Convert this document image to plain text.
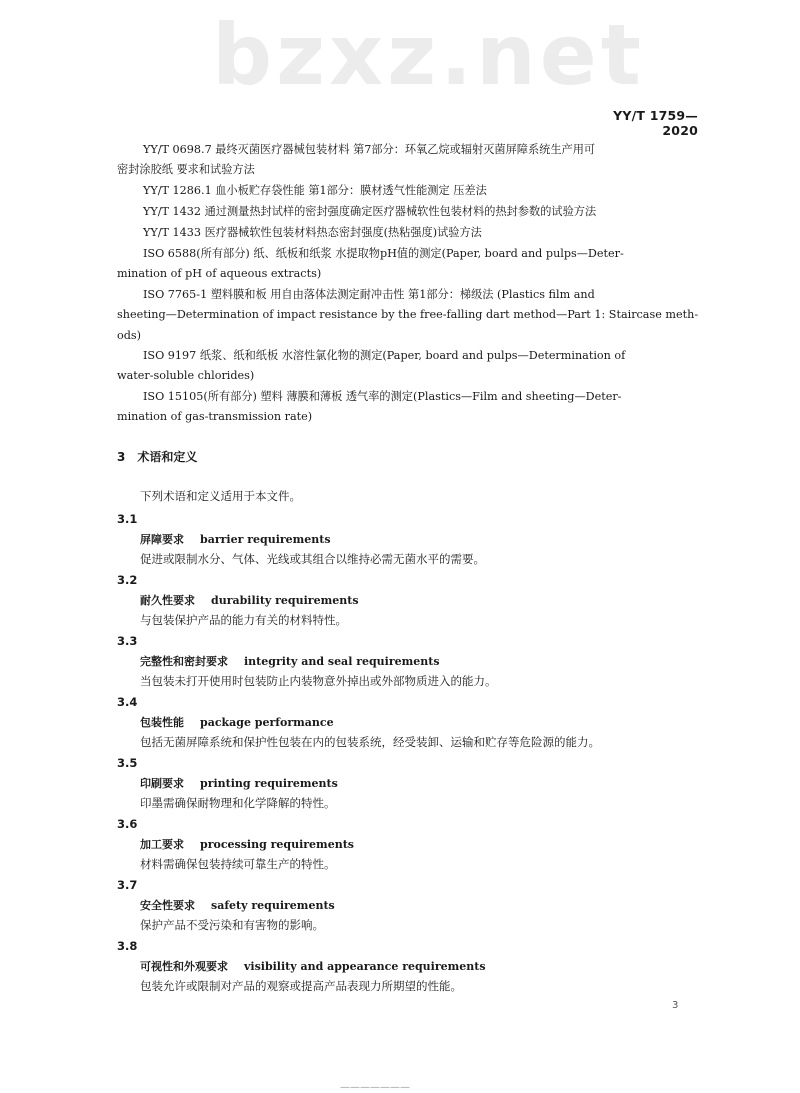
bzxz.net
YY/T 1759—2020
YY/T 0698.7 最终灭菌医疗器械包装材料 第7部分：环氧乙烷或辐射灭菌屏障系统生产用可
密封涂胶纸 要求和试验方法
YY/T 1286.1 血小板贮存袋性能 第1部分：膜材透气性能测定 压差法
YY/T 1432 通过测量热封试样的密封强度确定医疗器械软性包装材料的热封参数的试验方法
YY/T 1433 医疗器械软性包装材料热态密封强度(热粘强度)试验方法
ISO 6588(所有部分) 纸、纸板和纸浆 水提取物pH值的测定(Paper, board and pulps—Deter-
mination of pH of aqueous extracts)
ISO 7765-1 塑料膜和板 用自由落体法测定耐冲击性 第1部分：梯级法 (Plastics film and
sheeting—Determination of impact resistance by the free-falling dart method—Part 1: Staircase meth-
ods)
ISO 9197 纸浆、纸和纸板 水溶性氯化物的测定(Paper, board and pulps—Determination of
water-soluble chlorides)
ISO 15105(所有部分) 塑料 薄膜和薄板 透气率的测定(Plastics—Film and sheeting—Deter-
mination of gas-transmission rate)
3 术语和定义
下列术语和定义适用于本文件。
3.1
屏障要求 barrier requirements
促进或限制水分、气体、光线或其组合以维持必需无菌水平的需要。
3.2
耐久性要求 durability requirements
与包装保护产品的能力有关的材料特性。
3.3
完整性和密封要求 integrity and seal requirements
当包装未打开使用时包装防止内装物意外掉出或外部物质进入的能力。
3.4
包装性能 package performance
包括无菌屏障系统和保护性包装在内的包装系统，经受装卸、运输和贮存等危险源的能力。
3.5
印刷要求 printing requirements
印墨需确保耐物理和化学降解的特性。
3.6
加工要求 processing requirements
材料需确保包装持续可靠生产的特性。
3.7
安全性要求 safety requirements
保护产品不受污染和有害物的影响。
3.8
可视性和外观要求 visibility and appearance requirements
包装允许或限制对产品的观察或提高产品表现力所期望的性能。
3
———————
